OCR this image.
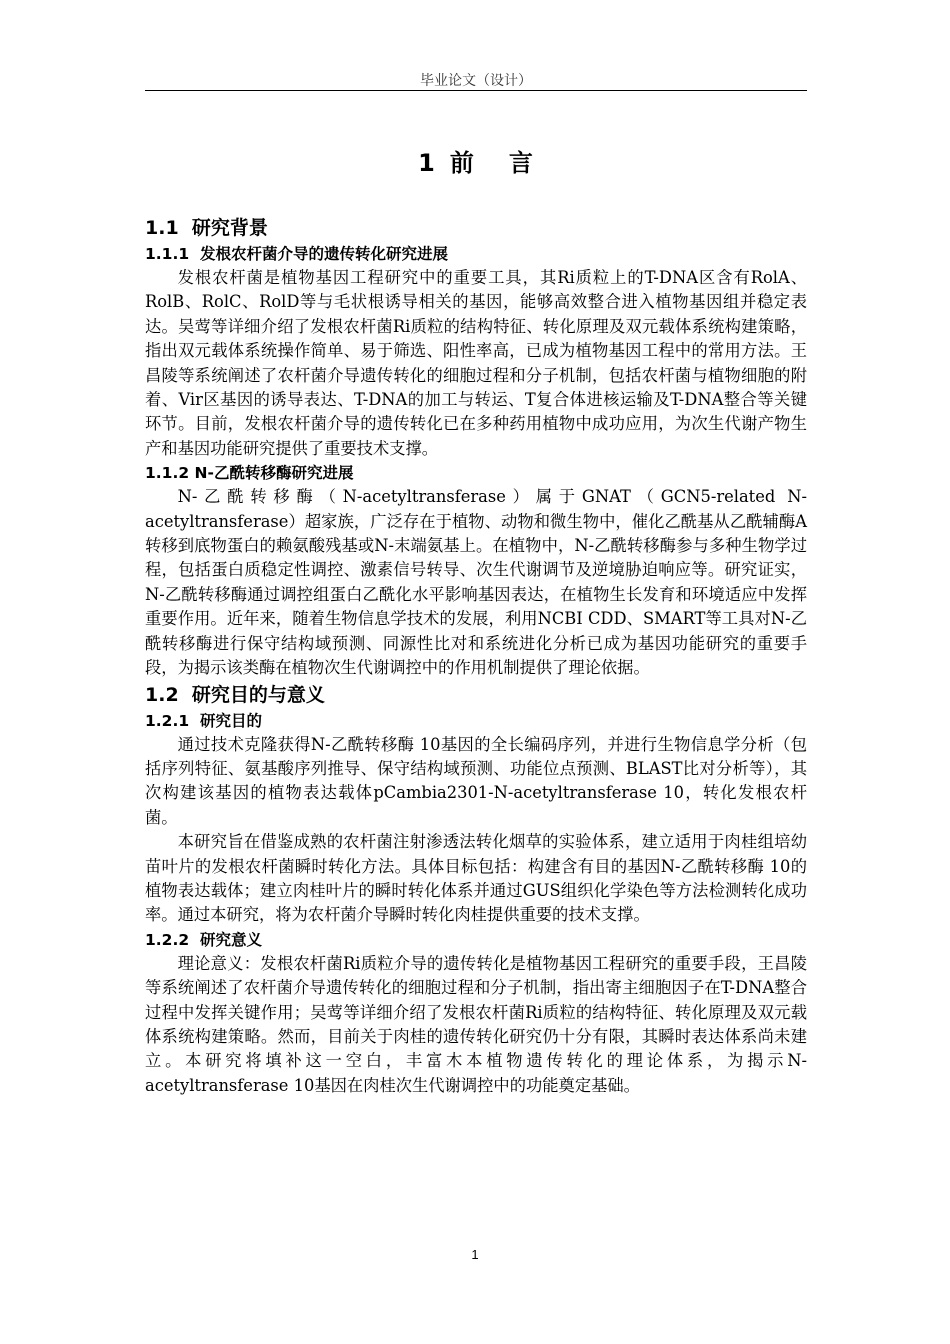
毕业论文（设计）
1 前 言
1.1 研究背景
1.1.1 发根农杆菌介导的遗传转化研究进展

发根农杆菌是植物基因工程研究中的重要工具，其Ri质粒上的T-DNA区含有RolA、RolB、RolC、RolD等与毛状根诱导相关的基因，能够高效整合进入植物基因组并稳定表达。吴莺等详细介绍了发根农杆菌Ri质粒的结构特征、转化原理及双元载体系统构建策略，指出双元载体系统操作简单、易于筛选、阳性率高，已成为植物基因工程中的常用方法。王昌陵等系统阐述了农杆菌介导遗传转化的细胞过程和分子机制，包括农杆菌与植物细胞的附着、Vir区基因的诱导表达、T-DNA的加工与转运、T复合体进核运输及T-DNA整合等关键环节。目前，发根农杆菌介导的遗传转化已在多种药用植物中成功应用，为次生代谢产物生产和基因功能研究提供了重要技术支撑。

1.1.2 N-乙酰转移酶研究进展

N-乙酰转移酶（N-acetyltransferase）属于GNAT（GCN5-related N-acetyltransferase）超家族，广泛存在于植物、动物和微生物中，催化乙酰基从乙酰辅酶A转移到底物蛋白的赖氨酸残基或N-末端氨基上。在植物中，N-乙酰转移酶参与多种生物学过程，包括蛋白质稳定性调控、激素信号转导、次生代谢调节及逆境胁迫响应等。研究证实，N-乙酰转移酶通过调控组蛋白乙酰化水平影响基因表达，在植物生长发育和环境适应中发挥重要作用。近年来，随着生物信息学技术的发展，利用NCBI CDD、SMART等工具对N-乙酰转移酶进行保守结构域预测、同源性比对和系统进化分析已成为基因功能研究的重要手段，为揭示该类酶在植物次生代谢调控中的作用机制提供了理论依据。

1.2 研究目的与意义
1.2.1 研究目的

通过技术克隆获得N-乙酰转移酶 10基因的全长编码序列，并进行生物信息学分析（包括序列特征、氨基酸序列推导、保守结构域预测、功能位点预测、BLAST比对分析等），其次构建该基因的植物表达载体pCambia2301-N-acetyltransferase 10，转化发根农杆菌。

本研究旨在借鉴成熟的农杆菌注射渗透法转化烟草的实验体系，建立适用于肉桂组培幼苗叶片的发根农杆菌瞬时转化方法。具体目标包括：构建含有目的基因N-乙酰转移酶 10的植物表达载体；建立肉桂叶片的瞬时转化体系并通过GUS组织化学染色等方法检测转化成功率。通过本研究，将为农杆菌介导瞬时转化肉桂提供重要的技术支撑。

1.2.2 研究意义

理论意义：发根农杆菌Ri质粒介导的遗传转化是植物基因工程研究的重要手段，王昌陵等系统阐述了农杆菌介导遗传转化的细胞过程和分子机制，指出寄主细胞因子在T-DNA整合过程中发挥关键作用；吴莺等详细介绍了发根农杆菌Ri质粒的结构特征、转化原理及双元载体系统构建策略。然而，目前关于肉桂的遗传转化研究仍十分有限，其瞬时表达体系尚未建立。本研究将填补这一空白，丰富木本植物遗传转化的理论体系，为揭示N-acetyltransferase 10基因在肉桂次生代谢调控中的功能奠定基础。

1
